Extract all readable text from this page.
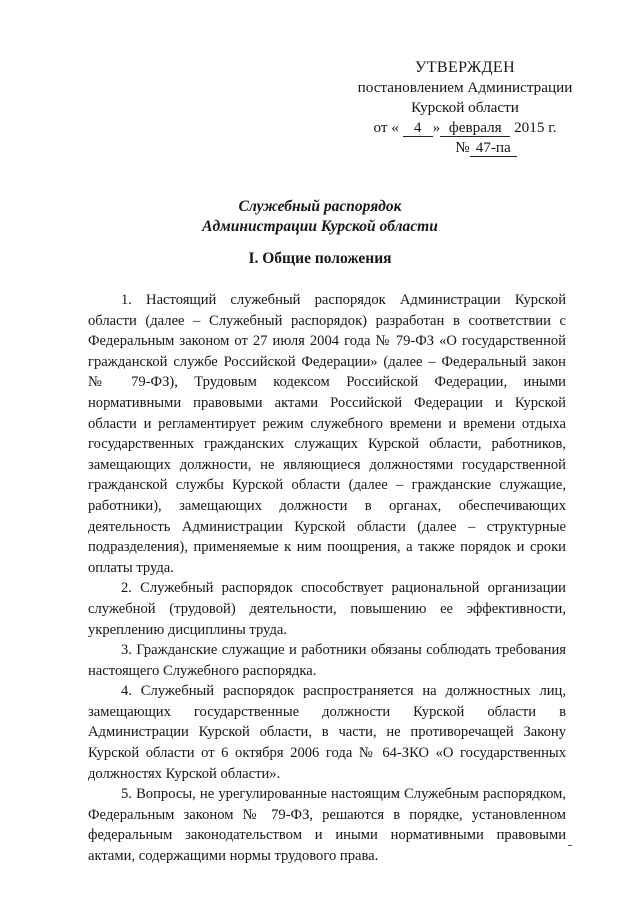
УТВЕРЖДЕН
постановлением Администрации
Курской области
от « 4 » февраля 2015 г.
№ 47-па
Служебный распорядок
Администрации Курской области
I. Общие положения

1. Настоящий служебный распорядок Администрации Курской области (далее – Служебный распорядок) разработан в соответствии с Федеральным законом от 27 июля 2004 года № 79-ФЗ «О государственной гражданской службе Российской Федерации» (далее – Федеральный закон № 79-ФЗ), Трудовым кодексом Российской Федерации, иными нормативными правовыми актами Российской Федерации и Курской области и регламентирует режим служебного времени и времени отдыха государственных гражданских служащих Курской области, работников, замещающих должности, не являющиеся должностями государственной гражданской службы Курской области (далее – гражданские служащие, работники), замещающих должности в органах, обеспечивающих деятельность Администрации Курской области (далее – структурные подразделения), применяемые к ним поощрения, а также порядок и сроки оплаты труда.

2. Служебный распорядок способствует рациональной организации служебной (трудовой) деятельности, повышению ее эффективности, укреплению дисциплины труда.

3. Гражданские служащие и работники обязаны соблюдать требования настоящего Служебного распорядка.

4. Служебный распорядок распространяется на должностных лиц, замещающих государственные должности Курской области в Администрации Курской области, в части, не противоречащей Закону Курской области от 6 октября 2006 года № 64-ЗКО «О государственных должностях Курской области».

5. Вопросы, не урегулированные настоящим Служебным распорядком, Федеральным законом № 79-ФЗ, решаются в порядке, установленном федеральным законодательством и иными нормативными правовыми актами, содержащими нормы трудового права.
